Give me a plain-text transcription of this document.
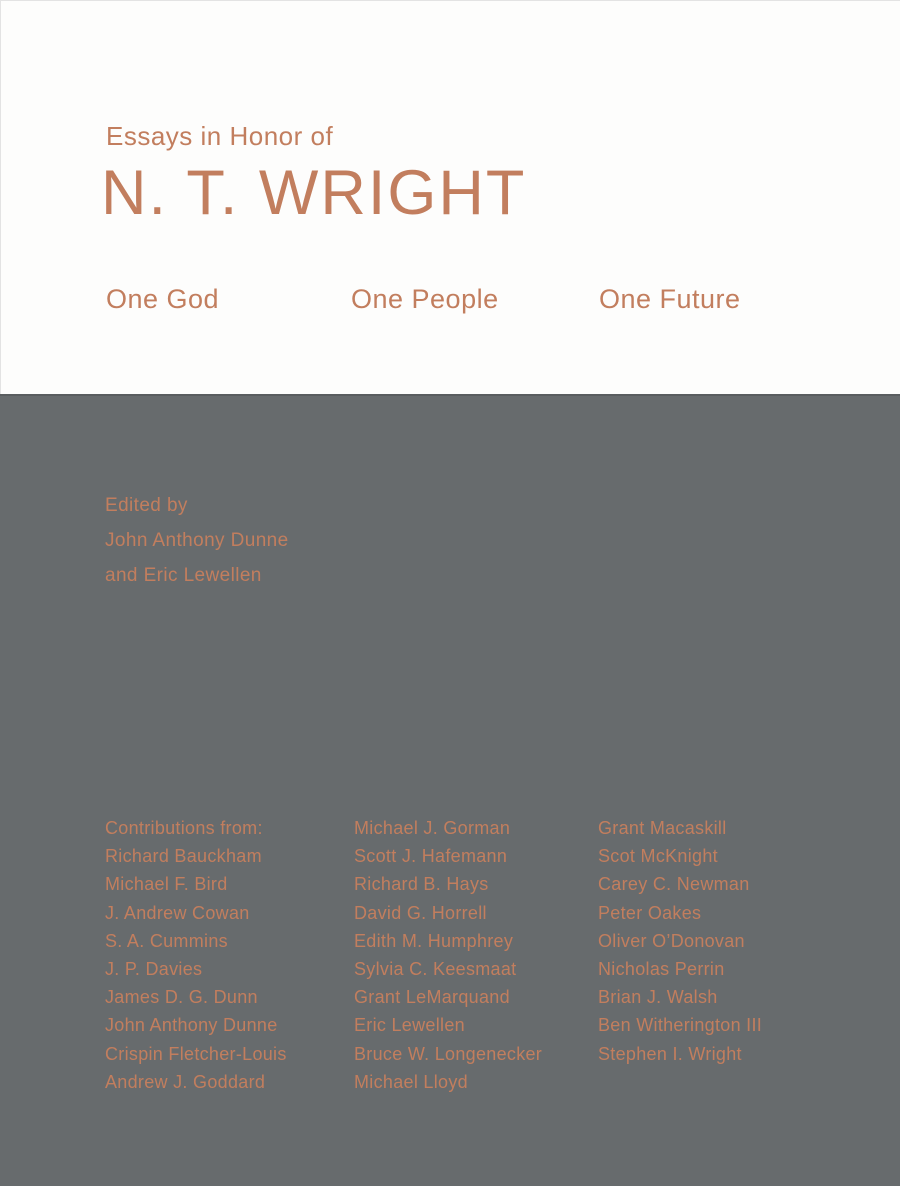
Essays in Honor of
N. T. WRIGHT
One God	One People	One Future
Edited by
John Anthony Dunne
and Eric Lewellen
Contributions from:
Richard Bauckham
Michael F. Bird
J. Andrew Cowan
S. A. Cummins
J. P. Davies
James D. G. Dunn
John Anthony Dunne
Crispin Fletcher-Louis
Andrew J. Goddard
Michael J. Gorman
Scott J. Hafemann
Richard B. Hays
David G. Horrell
Edith M. Humphrey
Sylvia C. Keesmaat
Grant LeMarquand
Eric Lewellen
Bruce W. Longenecker
Michael Lloyd
Grant Macaskill
Scot McKnight
Carey C. Newman
Peter Oakes
Oliver O’Donovan
Nicholas Perrin
Brian J. Walsh
Ben Witherington III
Stephen I. Wright
